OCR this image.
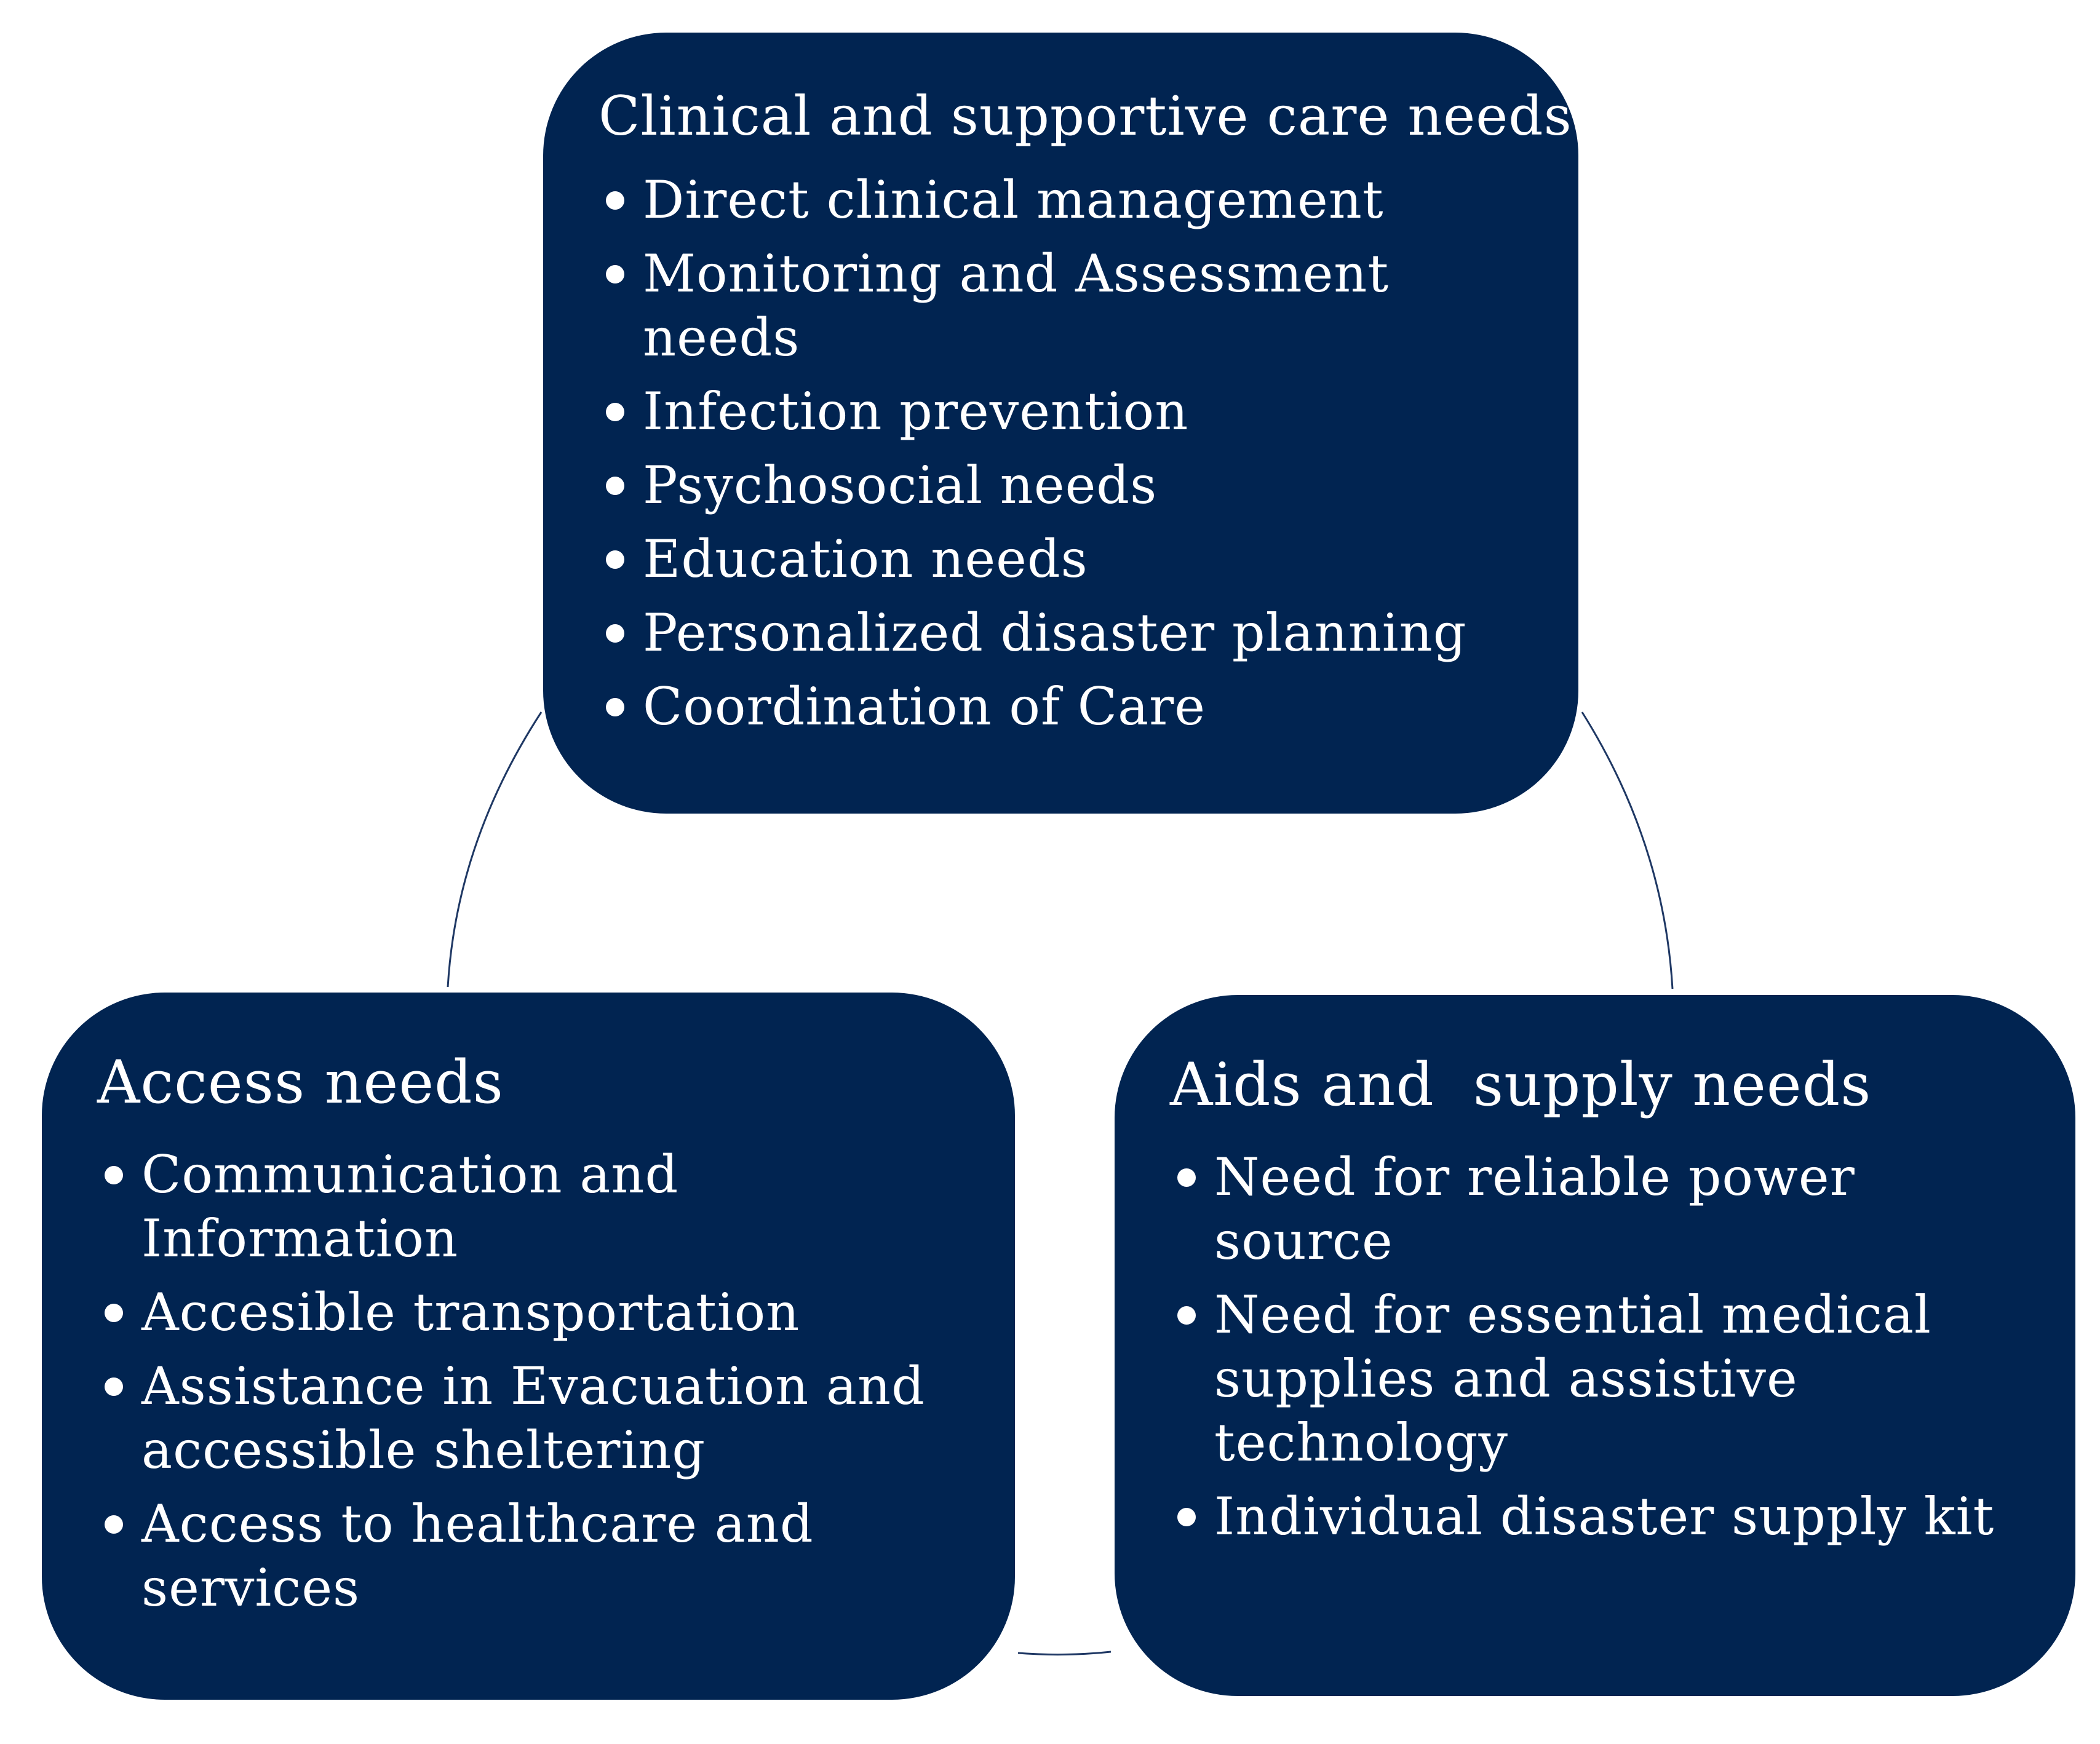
Clinical and supportive care needs
Direct clinical management
Monitoring and Assessment needs
Infection prevention
Psychosocial needs
Education needs
Personalized disaster planning
Coordination of Care
Access needs
Communication and Information
Accesible transportation
Assistance in Evacuation and accessible sheltering
Access to healthcare and services
Aids and  supply needs
Need for reliable power source
Need for essential medical supplies and assistive technology
Individual disaster supply kit
